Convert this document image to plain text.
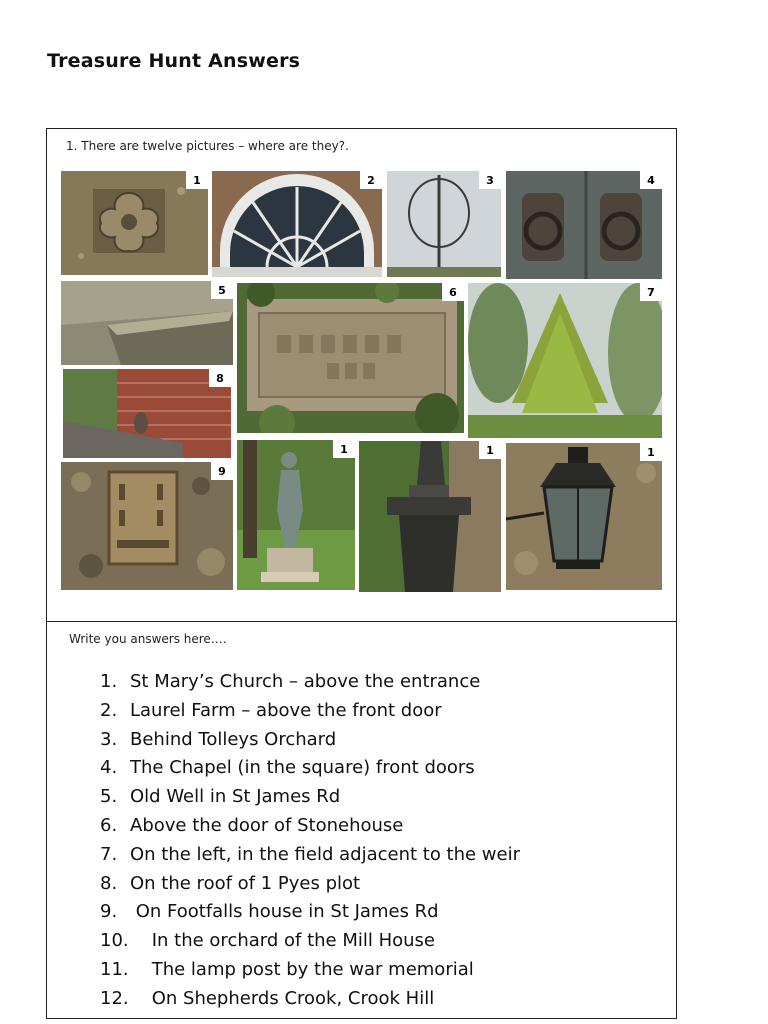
Treasure Hunt Answers
1. There are twelve pictures – where are they?.
1	2	3	4
5	6	7
8
9
1	1	1
Write you answers here….
1. St Mary’s Church – above the entrance
2. Laurel Farm – above the front door
3. Behind Tolleys Orchard
4. The Chapel (in the square) front doors
5. Old Well in St James Rd
6. Above the door of Stonehouse
7. On the left, in the field adjacent to the weir
8. On the roof of 1 Pyes plot
9. On Footfalls house in St James Rd
10. In the orchard of the Mill House
11. The lamp post by the war memorial
12. On Shepherds Crook, Crook Hill
